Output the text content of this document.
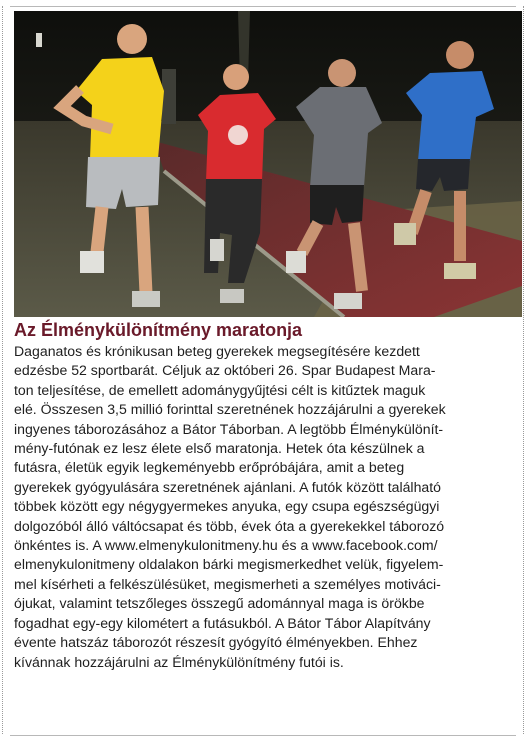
Az Élménykülönítmény maratonja
Daganatos és krónikusan beteg gyerekek megsegítésére kezdett
edzésbe 52 sportbarát. Céljuk az októberi 26. Spar Budapest Mara-
ton teljesítése, de emellett adománygyűjtési célt is kitűztek maguk
elé. Összesen 3,5 millió forinttal szeretnének hozzájárulni a gyerekek
ingyenes táborozásához a Bátor Táborban. A legtöbb Élménykülönít-
mény-futónak ez lesz élete első maratonja. Hetek óta készülnek a
futásra, életük egyik legkeményebb erőpróbájára, amit a beteg
gyerekek gyógyulására szeretnének ajánlani. A futók között található
többek között egy négygyermekes anyuka, egy csupa egészségügyi
dolgozóból álló váltócsapat és több, évek óta a gyerekekkel táborozó
önkéntes is. A www.elmenykulonitmeny.hu és a www.facebook.com/
elmenykulonitmeny oldalakon bárki megismerkedhet velük, figyelem-
mel kísérheti a felkészülésüket, megismerheti a személyes motiváci-
ójukat, valamint tetszőleges összegű adománnyal maga is örökbe
fogadhat egy-egy kilométert a futásukból. A Bátor Tábor Alapítvány
évente hatszáz táborozót részesít gyógyító élményekben. Ehhez
kívánnak hozzájárulni az Élménykülönítmény futói is.
